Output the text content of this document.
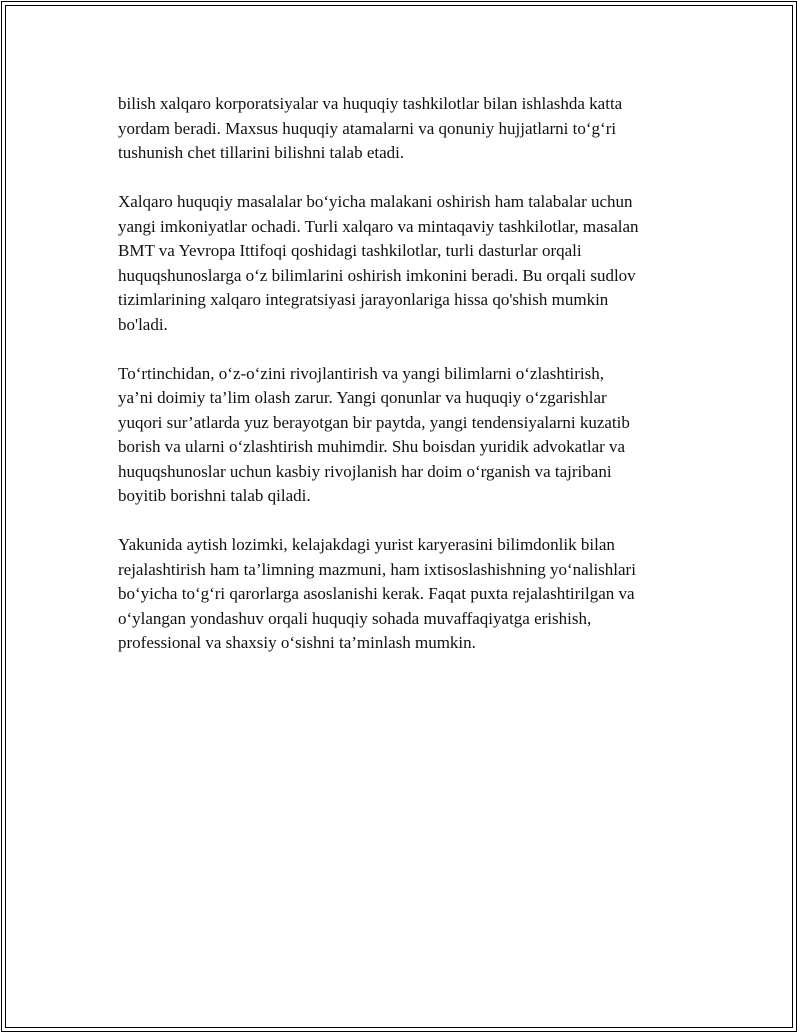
bilish xalqaro korporatsiyalar va huquqiy tashkilotlar bilan ishlashda katta
yordam beradi. Maxsus huquqiy atamalarni va qonuniy hujjatlarni to‘g‘ri
tushunish chet tillarini bilishni talab etadi.

Xalqaro huquqiy masalalar bo‘yicha malakani oshirish ham talabalar uchun
yangi imkoniyatlar ochadi. Turli xalqaro va mintaqaviy tashkilotlar, masalan
BMT va Yevropa Ittifoqi qoshidagi tashkilotlar, turli dasturlar orqali
huquqshunoslarga o‘z bilimlarini oshirish imkonini beradi. Bu orqali sudlov
tizimlarining xalqaro integratsiyasi jarayonlariga hissa qo'shish mumkin
bo'ladi.

To‘rtinchidan, o‘z-o‘zini rivojlantirish va yangi bilimlarni o‘zlashtirish,
ya’ni doimiy ta’lim olash zarur. Yangi qonunlar va huquqiy o‘zgarishlar
yuqori sur’atlarda yuz berayotgan bir paytda, yangi tendensiyalarni kuzatib
borish va ularni o‘zlashtirish muhimdir. Shu boisdan yuridik advokatlar va
huquqshunoslar uchun kasbiy rivojlanish har doim o‘rganish va tajribani
boyitib borishni talab qiladi.

Yakunida aytish lozimki, kelajakdagi yurist karyerasini bilimdonlik bilan
rejalashtirish ham ta’limning mazmuni, ham ixtisoslashishning yo‘nalishlari
bo‘yicha to‘g‘ri qarorlarga asoslanishi kerak. Faqat puxta rejalashtirilgan va
o‘ylangan yondashuv orqali huquqiy sohada muvaffaqiyatga erishish,
professional va shaxsiy o‘sishni ta’minlash mumkin.
